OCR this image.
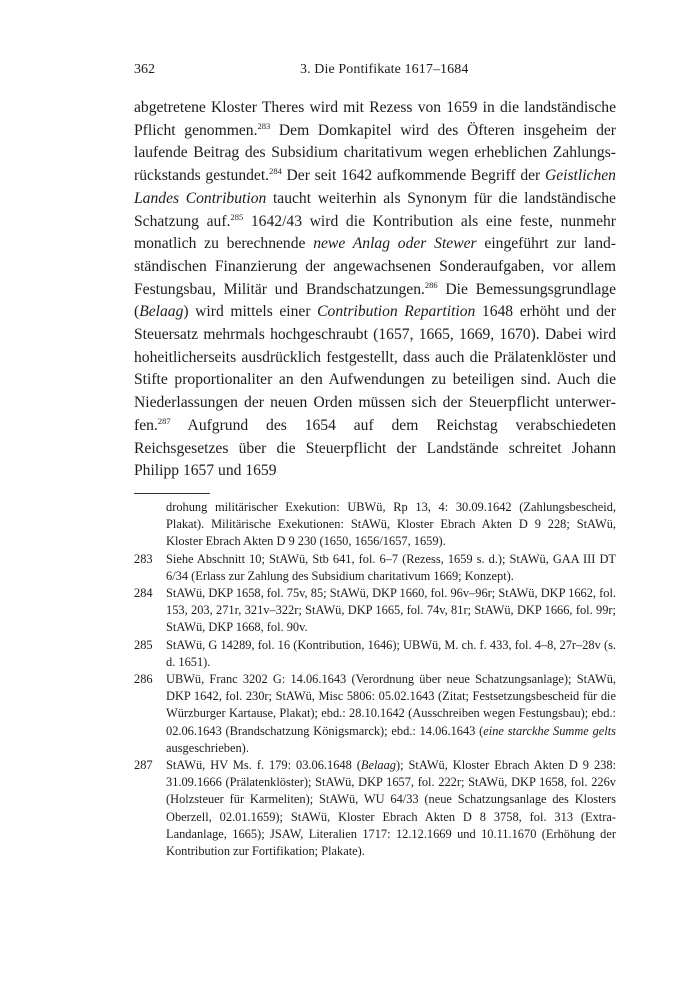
362	3. Die Pontifikate 1617–1684

abgetretene Kloster Theres wird mit Rezess von 1659 in die landständische Pflicht genommen.$^{283}$ Dem Domkapitel wird des Öfteren insgeheim der laufende Beitrag des Subsidium charitativum wegen erheblichen Zahlungsrückstands gestundet.$^{284}$ Der seit 1642 aufkommende Begriff der Geistlichen Landes Contribution taucht weiterhin als Synonym für die landständische Schatzung auf.$^{285}$ 1642/43 wird die Kontribution als eine feste, nunmehr monatlich zu berechnende newe Anlag oder Stewer eingeführt zur landständischen Finanzierung der angewachsenen Sonderaufgaben, vor allem Festungsbau, Militär und Brandschatzungen.$^{286}$ Die Bemessungsgrundlage (Belaag) wird mittels einer Contribution Repartition 1648 erhöht und der Steuersatz mehrmals hochgeschraubt (1657, 1665, 1669, 1670). Dabei wird hoheitlicherseits ausdrücklich festgestellt, dass auch die Prälatenklöster und Stifte proportionaliter an den Aufwendungen zu beteiligen sind. Auch die Niederlassungen der neuen Orden müssen sich der Steuerpflicht unterwerfen.$^{287}$ Aufgrund des 1654 auf dem Reichstag verabschiedeten Reichsgesetzes über die Steuerpflicht der Landstände schreitet Johann Philipp 1657 und 1659

drohung militärischer Exekution: UBWü, Rp 13, 4: 30.09.1642 (Zahlungsbescheid, Plakat). Militärische Exekutionen: StAWü, Kloster Ebrach Akten D 9 228; StAWü, Kloster Ebrach Akten D 9 230 (1650, 1656/1657, 1659).
283 Siehe Abschnitt 10; StAWü, Stb 641, fol. 6–7 (Rezess, 1659 s. d.); StAWü, GAA III DT 6/34 (Erlass zur Zahlung des Subsidium charitativum 1669; Konzept).
284 StAWü, DKP 1658, fol. 75v, 85; StAWü, DKP 1660, fol. 96v–96r; StAWü, DKP 1662, fol. 153, 203, 271r, 321v–322r; StAWü, DKP 1665, fol. 74v, 81r; StAWü, DKP 1666, fol. 99r; StAWü, DKP 1668, fol. 90v.
285 StAWü, G 14289, fol. 16 (Kontribution, 1646); UBWü, M. ch. f. 433, fol. 4–8, 27r–28v (s. d. 1651).
286 UBWü, Franc 3202 G: 14.06.1643 (Verordnung über neue Schatzungsanlage); StAWü, DKP 1642, fol. 230r; StAWü, Misc 5806: 05.02.1643 (Zitat; Festsetzungsbescheid für die Würzburger Kartause, Plakat); ebd.: 28.10.1642 (Ausschreiben wegen Festungsbau); ebd.: 02.06.1643 (Brandschatzung Königsmarck); ebd.: 14.06.1643 (eine starckhe Summe gelts ausgeschrieben).
287 StAWü, HV Ms. f. 179: 03.06.1648 (Belaag); StAWü, Kloster Ebrach Akten D 9 238: 31.09.1666 (Prälatenklöster); StAWü, DKP 1657, fol. 222r; StAWü, DKP 1658, fol. 226v (Holzsteuer für Karmeliten); StAWü, WU 64/33 (neue Schatzungsanlage des Klosters Oberzell, 02.01.1659); StAWü, Kloster Ebrach Akten D 8 3758, fol. 313 (Extra-Landanlage, 1665); JSAW, Literalien 1717: 12.12.1669 und 10.11.1670 (Erhöhung der Kontribution zur Fortifikation; Plakate).
